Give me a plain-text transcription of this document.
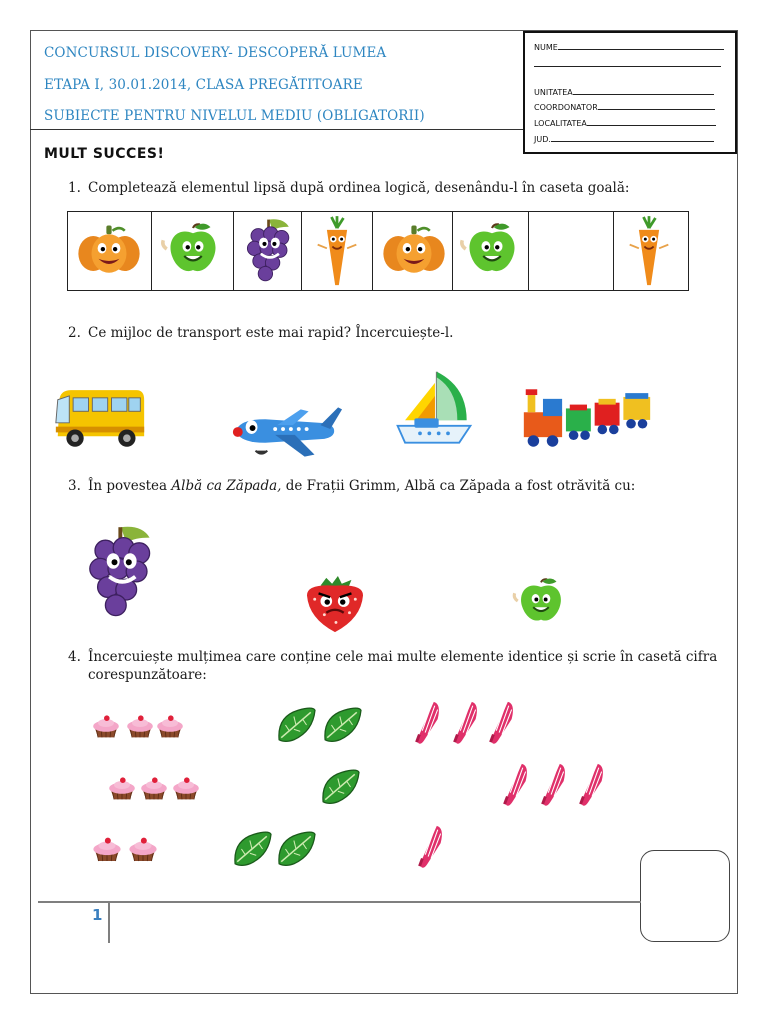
CONCURSUL DISCOVERY- DESCOPERĂ LUMEA
ETAPA I, 30.01.2014, CLASA PREGĂTITOARE
SUBIECTE PENTRU NIVELUL MEDIU (OBLIGATORII)
NUME
UNITATEA
COORDONATOR
LOCALITATEA
JUD.
MULT SUCCES!
1. Completează elementul lipsă după ordinea logică, desenându-l în caseta goală:
2. Ce mijloc de transport este mai rapid? Încercuiește-l.
3. În povestea Albă ca Zăpada, de Frații Grimm, Albă ca Zăpada a fost otrăvită cu:
4. Încercuiește mulțimea care conține cele mai multe elemente identice și scrie în casetă cifra
corespunzătoare:
1
